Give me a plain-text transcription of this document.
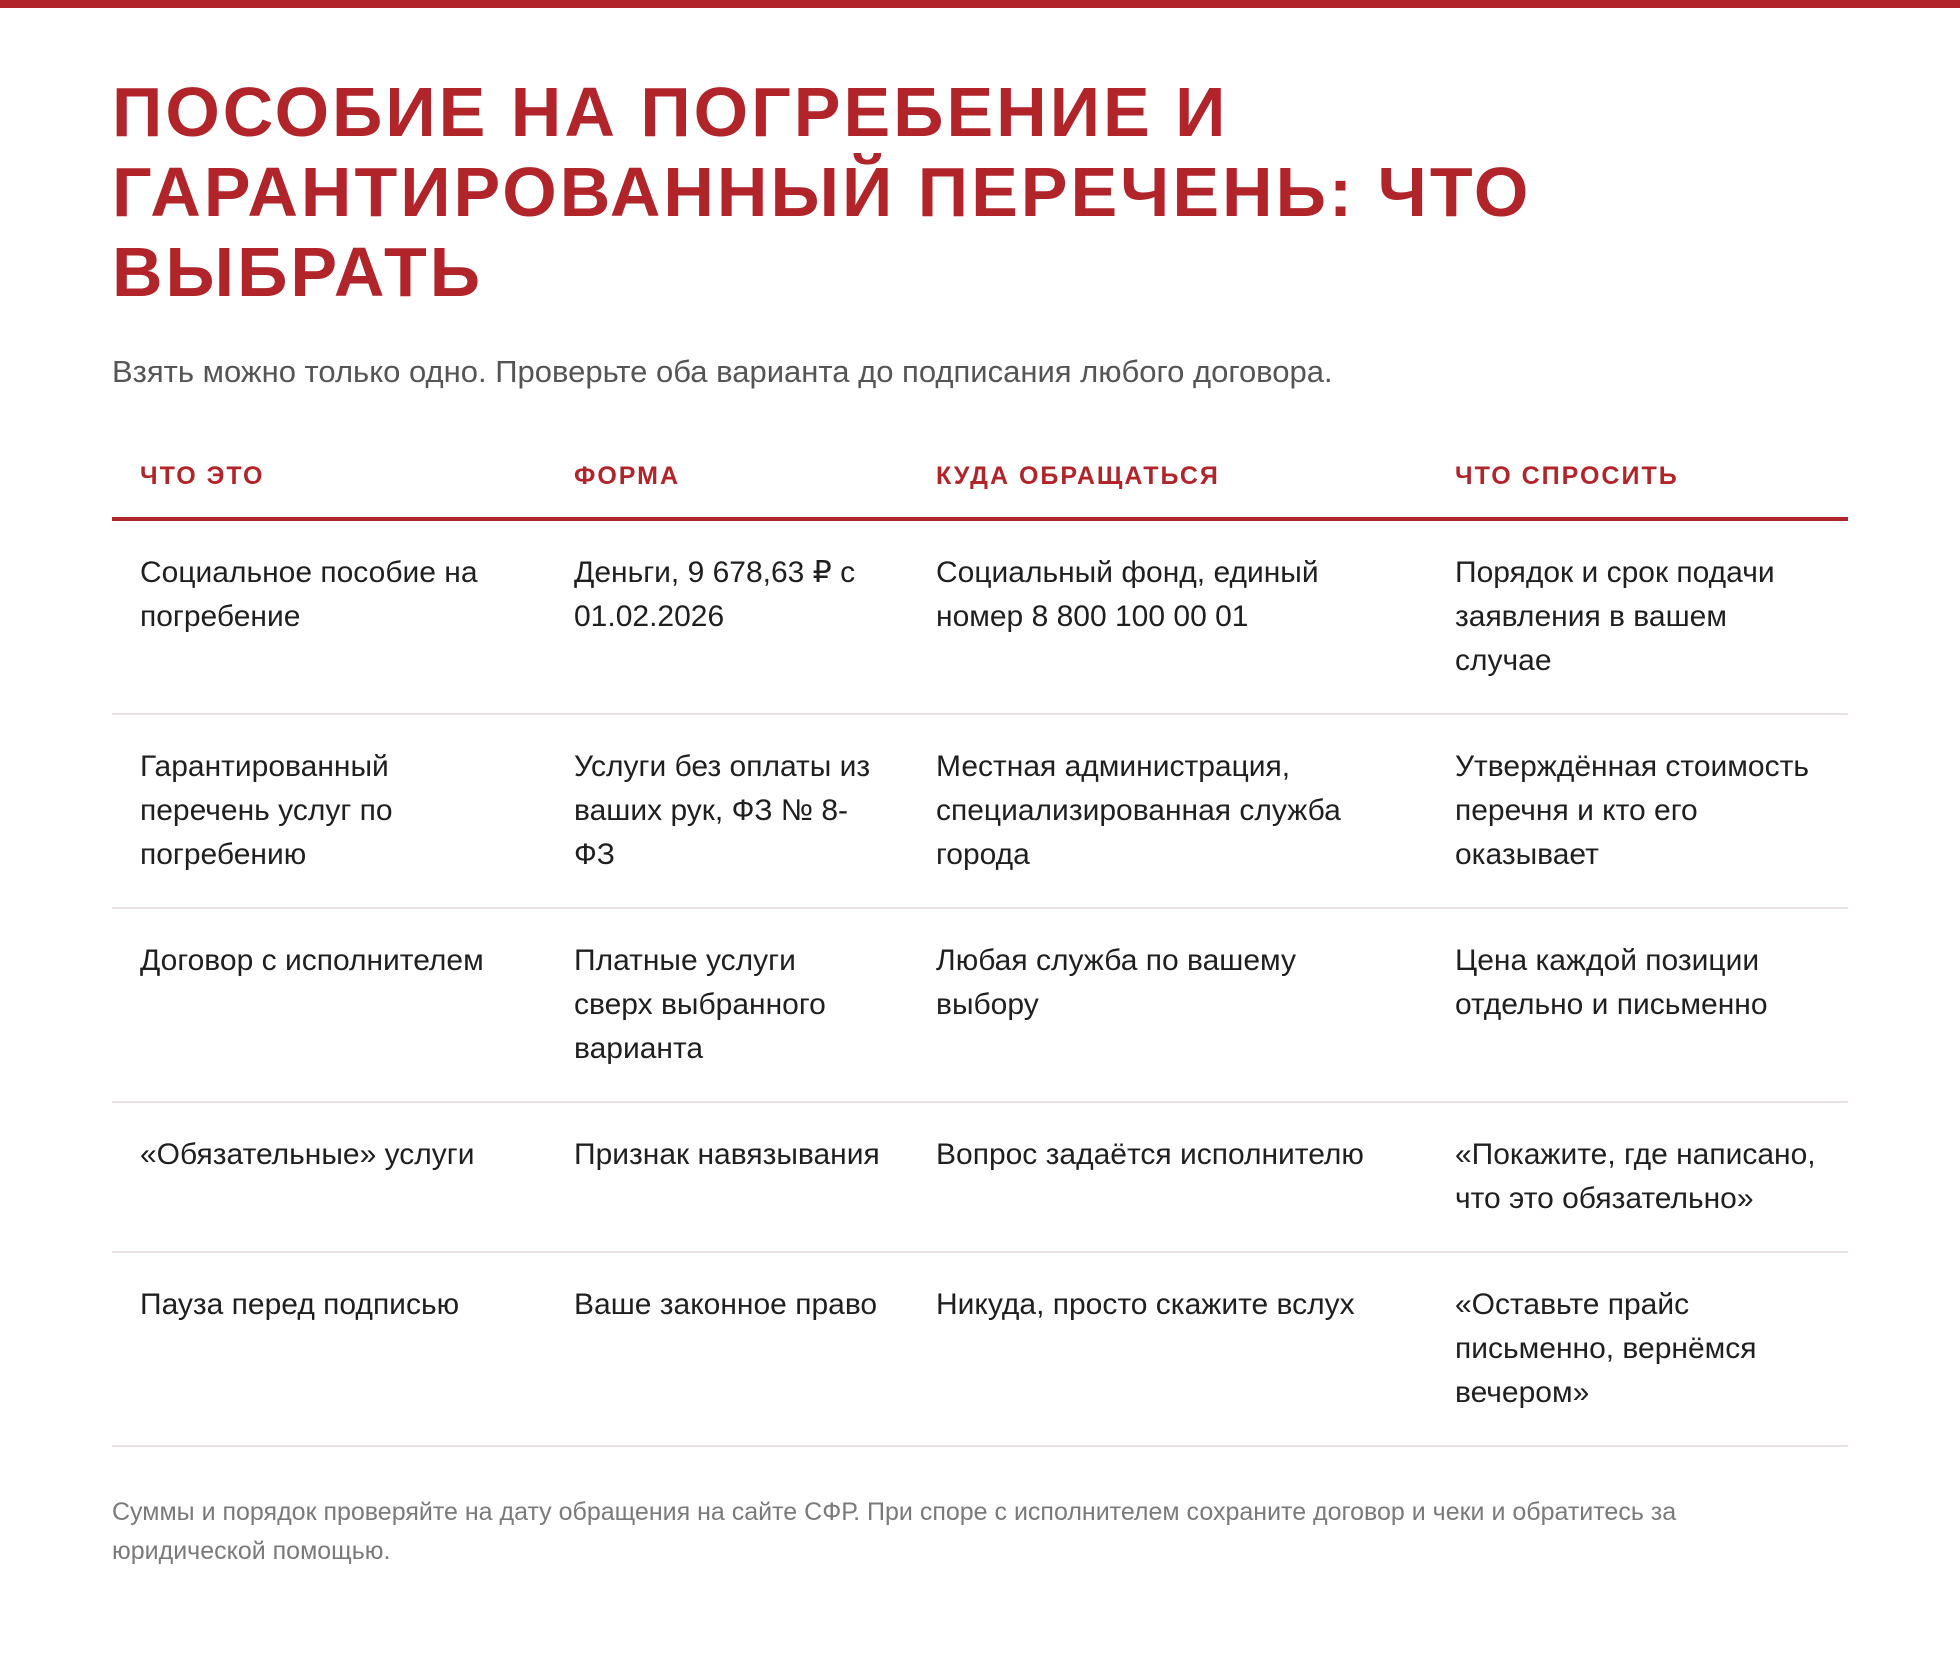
ПОСОБИЕ НА ПОГРЕБЕНИЕ И ГАРАНТИРОВАННЫЙ ПЕРЕЧЕНЬ: ЧТО ВЫБРАТЬ

Взять можно только одно. Проверьте оба варианта до подписания любого договора.

ЧТО ЭТО	ФОРМА	КУДА ОБРАЩАТЬСЯ	ЧТО СПРОСИТЬ
Социальное пособие на погребение	Деньги, 9 678,63 ₽ с 01.02.2026	Социальный фонд, единый номер 8 800 100 00 01	Порядок и срок подачи заявления в вашем случае
Гарантированный перечень услуг по погребению	Услуги без оплаты из ваших рук, ФЗ № 8-ФЗ	Местная администрация, специализированная служба города	Утверждённая стоимость перечня и кто его оказывает
Договор с исполнителем	Платные услуги сверх выбранного варианта	Любая служба по вашему выбору	Цена каждой позиции отдельно и письменно
«Обязательные» услуги	Признак навязывания	Вопрос задаётся исполнителю	«Покажите, где написано, что это обязательно»
Пауза перед подписью	Ваше законное право	Никуда, просто скажите вслух	«Оставьте прайс письменно, вернёмся вечером»

Суммы и порядок проверяйте на дату обращения на сайте СФР. При споре с исполнителем сохраните договор и чеки и обратитесь за юридической помощью.
